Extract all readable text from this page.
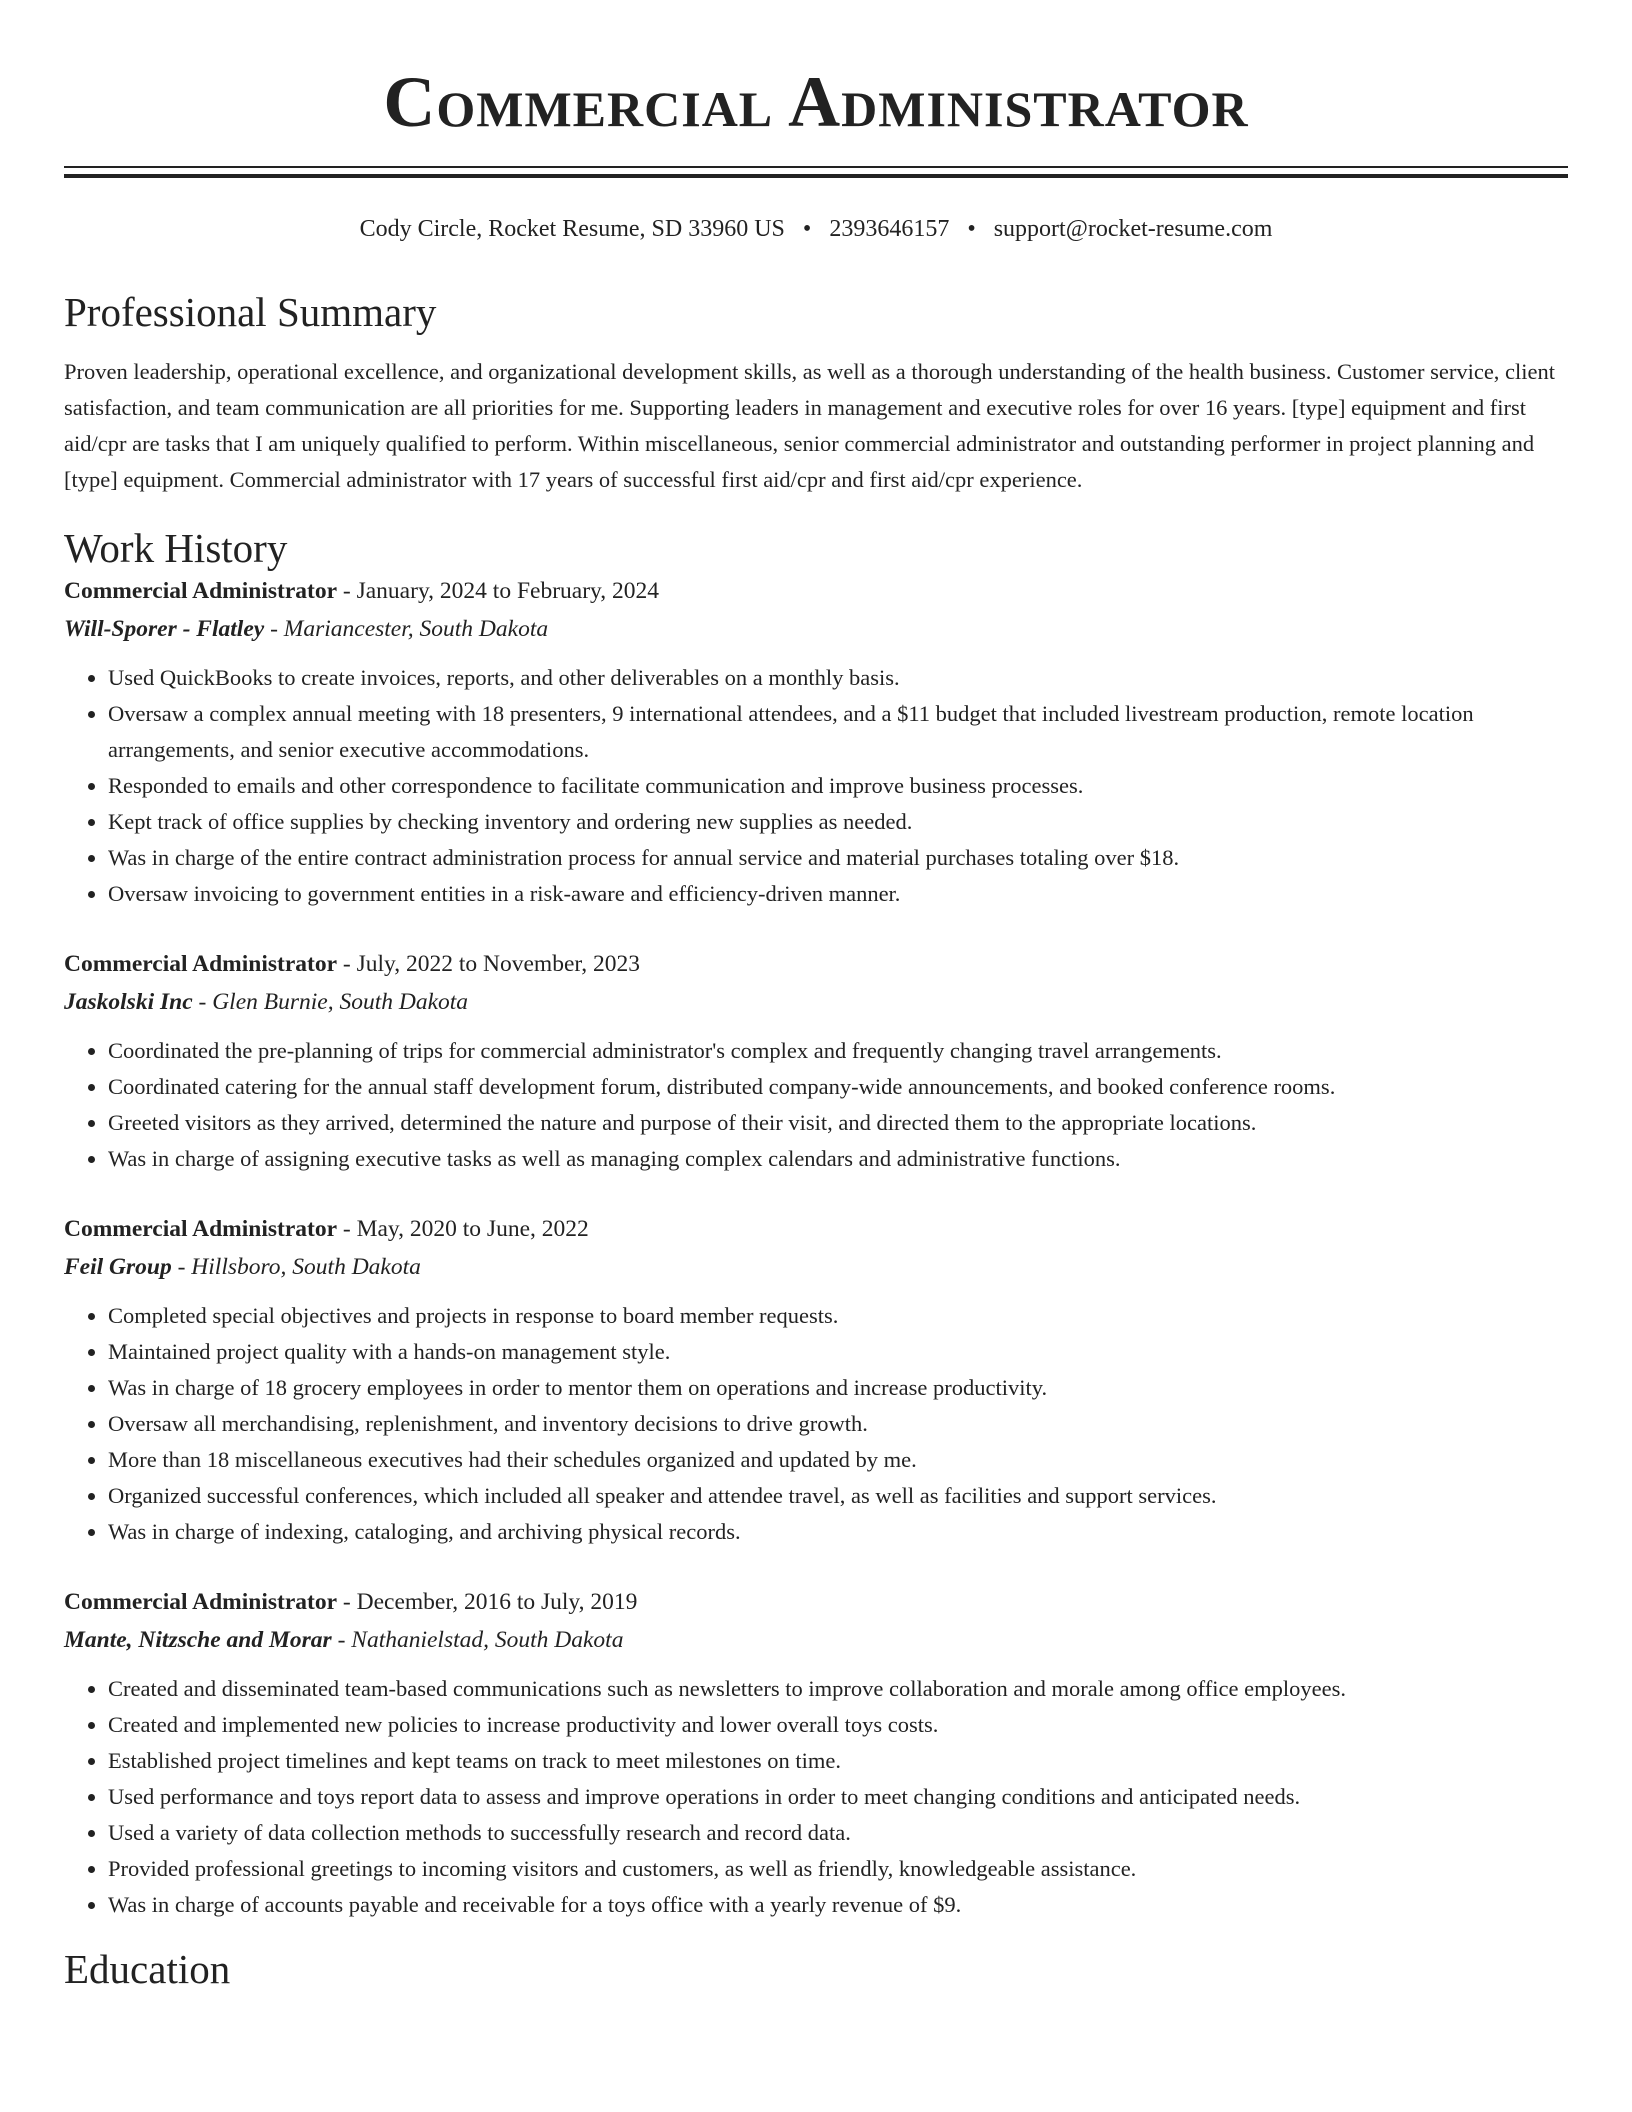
Commercial Administrator
Cody Circle, Rocket Resume, SD 33960 US • 2393646157 • support@rocket-resume.com
Professional Summary
Proven leadership, operational excellence, and organizational development skills, as well as a thorough understanding of the health business. Customer service, client satisfaction, and team communication are all priorities for me. Supporting leaders in management and executive roles for over 16 years. [type] equipment and first aid/cpr are tasks that I am uniquely qualified to perform. Within miscellaneous, senior commercial administrator and outstanding performer in project planning and [type] equipment. Commercial administrator with 17 years of successful first aid/cpr and first aid/cpr experience.
Work History
Commercial Administrator - January, 2024 to February, 2024
Will-Sporer - Flatley - Mariancester, South Dakota
• Used QuickBooks to create invoices, reports, and other deliverables on a monthly basis.
• Oversaw a complex annual meeting with 18 presenters, 9 international attendees, and a $11 budget that included livestream production, remote location arrangements, and senior executive accommodations.
• Responded to emails and other correspondence to facilitate communication and improve business processes.
• Kept track of office supplies by checking inventory and ordering new supplies as needed.
• Was in charge of the entire contract administration process for annual service and material purchases totaling over $18.
• Oversaw invoicing to government entities in a risk-aware and efficiency-driven manner.
Commercial Administrator - July, 2022 to November, 2023
Jaskolski Inc - Glen Burnie, South Dakota
• Coordinated the pre-planning of trips for commercial administrator's complex and frequently changing travel arrangements.
• Coordinated catering for the annual staff development forum, distributed company-wide announcements, and booked conference rooms.
• Greeted visitors as they arrived, determined the nature and purpose of their visit, and directed them to the appropriate locations.
• Was in charge of assigning executive tasks as well as managing complex calendars and administrative functions.
Commercial Administrator - May, 2020 to June, 2022
Feil Group - Hillsboro, South Dakota
• Completed special objectives and projects in response to board member requests.
• Maintained project quality with a hands-on management style.
• Was in charge of 18 grocery employees in order to mentor them on operations and increase productivity.
• Oversaw all merchandising, replenishment, and inventory decisions to drive growth.
• More than 18 miscellaneous executives had their schedules organized and updated by me.
• Organized successful conferences, which included all speaker and attendee travel, as well as facilities and support services.
• Was in charge of indexing, cataloging, and archiving physical records.
Commercial Administrator - December, 2016 to July, 2019
Mante, Nitzsche and Morar - Nathanielstad, South Dakota
• Created and disseminated team-based communications such as newsletters to improve collaboration and morale among office employees.
• Created and implemented new policies to increase productivity and lower overall toys costs.
• Established project timelines and kept teams on track to meet milestones on time.
• Used performance and toys report data to assess and improve operations in order to meet changing conditions and anticipated needs.
• Used a variety of data collection methods to successfully research and record data.
• Provided professional greetings to incoming visitors and customers, as well as friendly, knowledgeable assistance.
• Was in charge of accounts payable and receivable for a toys office with a yearly revenue of $9.
Education
